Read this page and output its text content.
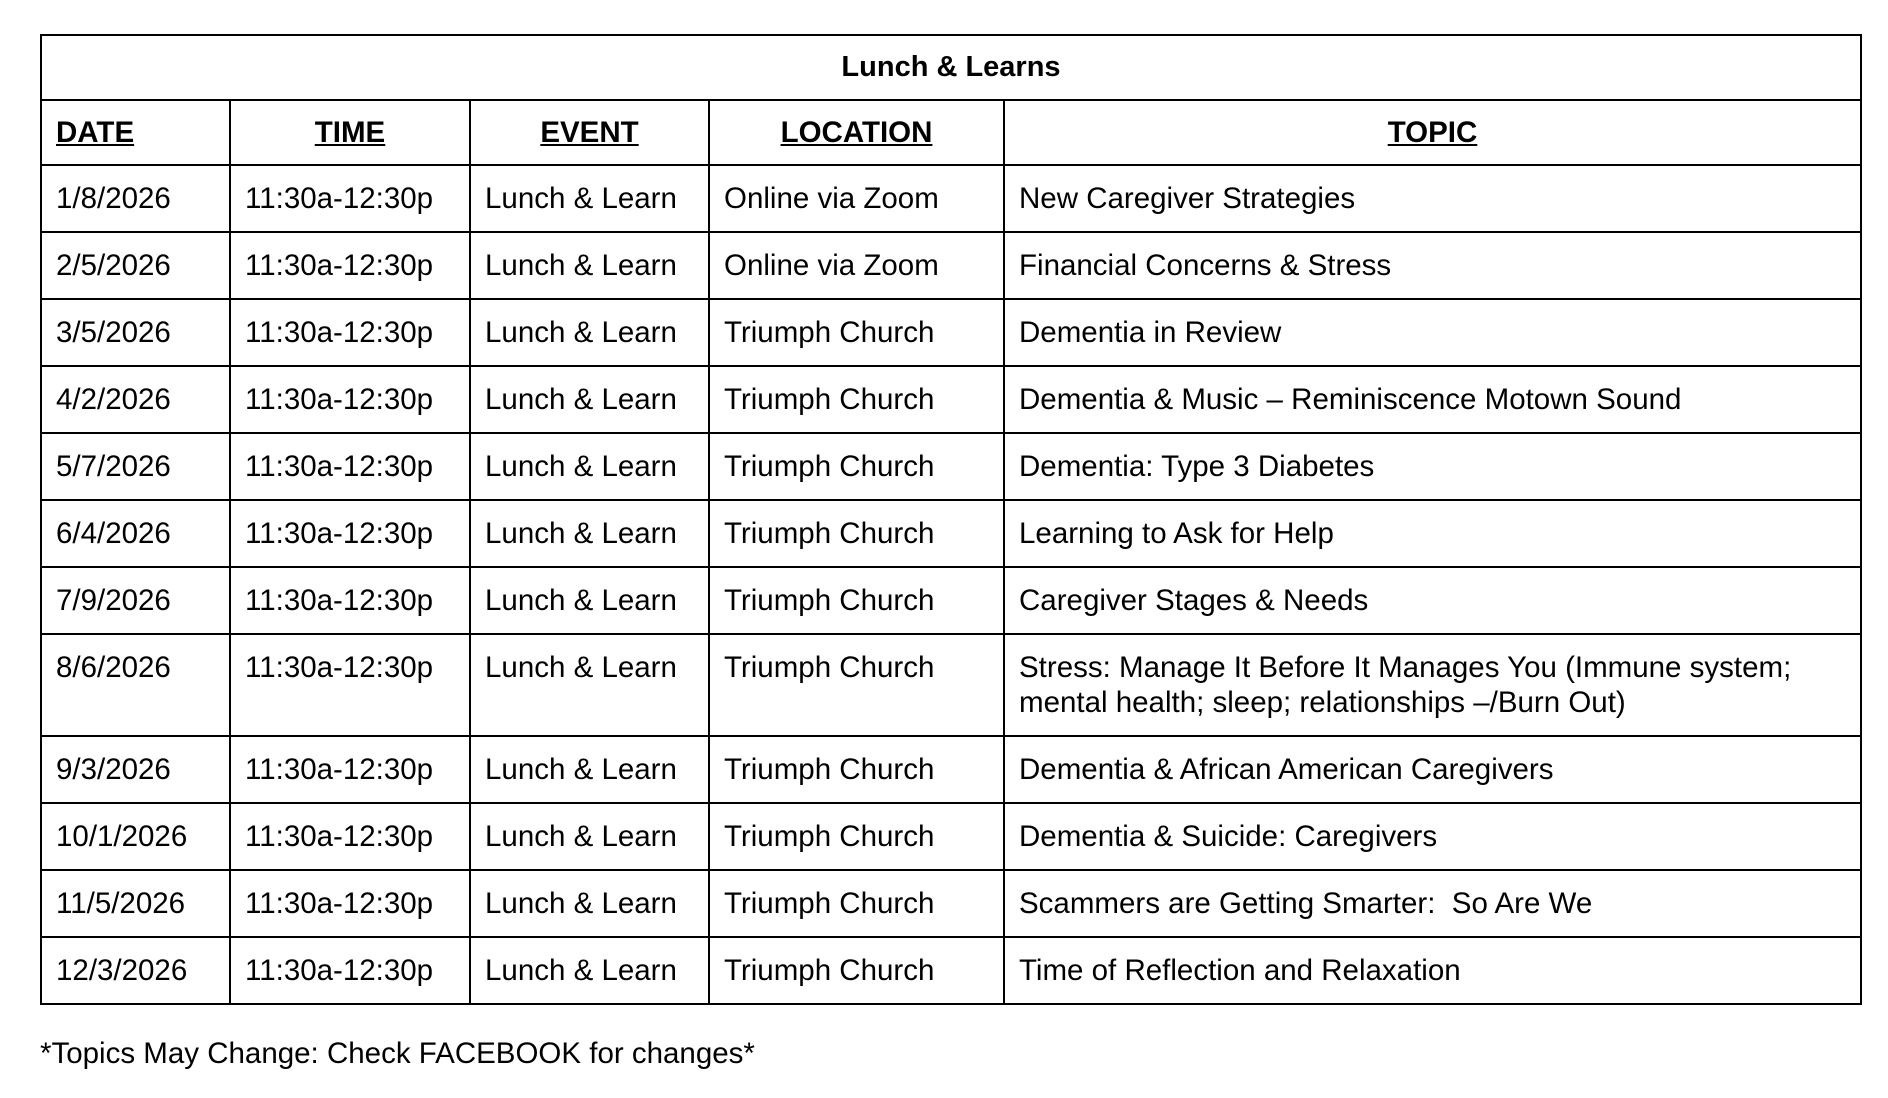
Lunch & Learns				
DATE	TIME	EVENT	LOCATION	TOPIC
1/8/2026	11:30a-12:30p	Lunch & Learn	Online via Zoom	New Caregiver Strategies
2/5/2026	11:30a-12:30p	Lunch & Learn	Online via Zoom	Financial Concerns & Stress
3/5/2026	11:30a-12:30p	Lunch & Learn	Triumph Church	Dementia in Review
4/2/2026	11:30a-12:30p	Lunch & Learn	Triumph Church	Dementia & Music – Reminiscence Motown Sound
5/7/2026	11:30a-12:30p	Lunch & Learn	Triumph Church	Dementia: Type 3 Diabetes
6/4/2026	11:30a-12:30p	Lunch & Learn	Triumph Church	Learning to Ask for Help
7/9/2026	11:30a-12:30p	Lunch & Learn	Triumph Church	Caregiver Stages & Needs
8/6/2026	11:30a-12:30p	Lunch & Learn	Triumph Church	Stress: Manage It Before It Manages You (Immune system;
mental health; sleep; relationships –/Burn Out)

9/3/2026	11:30a-12:30p	Lunch & Learn	Triumph Church	Dementia & African American Caregivers
10/1/2026	11:30a-12:30p	Lunch & Learn	Triumph Church	Dementia & Suicide: Caregivers
11/5/2026	11:30a-12:30p	Lunch & Learn	Triumph Church	Scammers are Getting Smarter:  So Are We
12/3/2026	11:30a-12:30p	Lunch & Learn	Triumph Church	Time of Reflection and Relaxation
*Topics May Change: Check FACEBOOK for changes*
